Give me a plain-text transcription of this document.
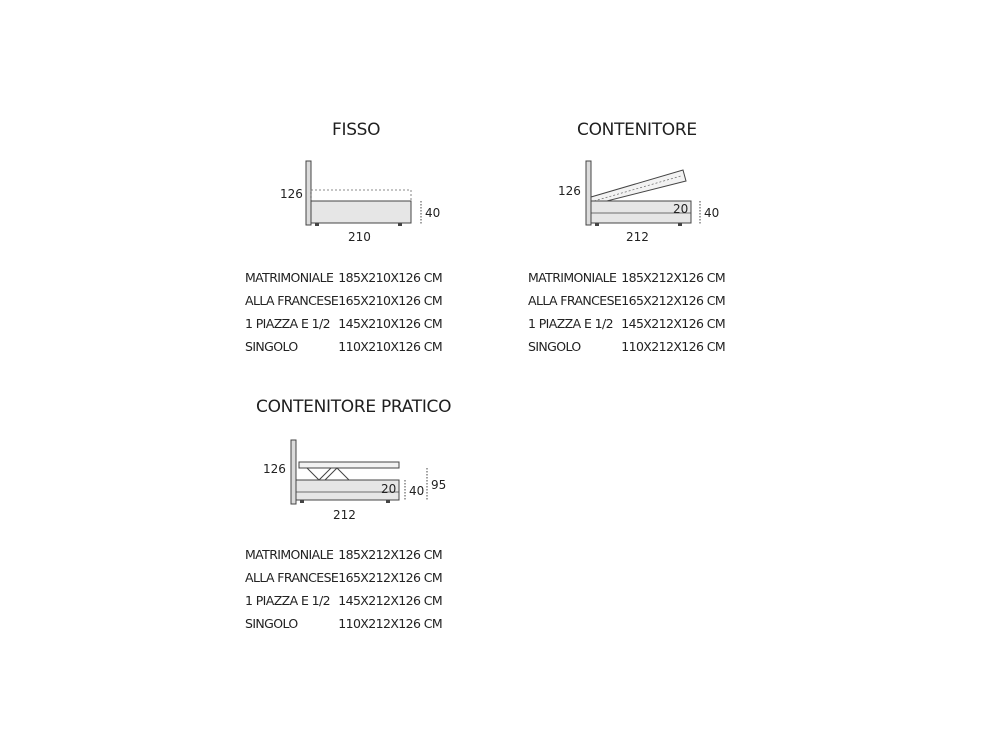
FISSO
126
40
210
MATRIMONIALE	185X210X126 CM
ALLA FRANCESE	165X210X126 CM
1 PIAZZA E 1/2	145X210X126 CM
SINGOLO	110X210X126 CM
CONTENITORE
126
20 40
212
MATRIMONIALE	185X212X126 CM
ALLA FRANCESE	165X212X126 CM
1 PIAZZA E 1/2	145X212X126 CM
SINGOLO	110X212X126 CM
CONTENITORE PRATICO
126
20 40 95
212
MATRIMONIALE	185X212X126 CM
ALLA FRANCESE	165X212X126 CM
1 PIAZZA E 1/2	145X212X126 CM
SINGOLO	110X212X126 CM
